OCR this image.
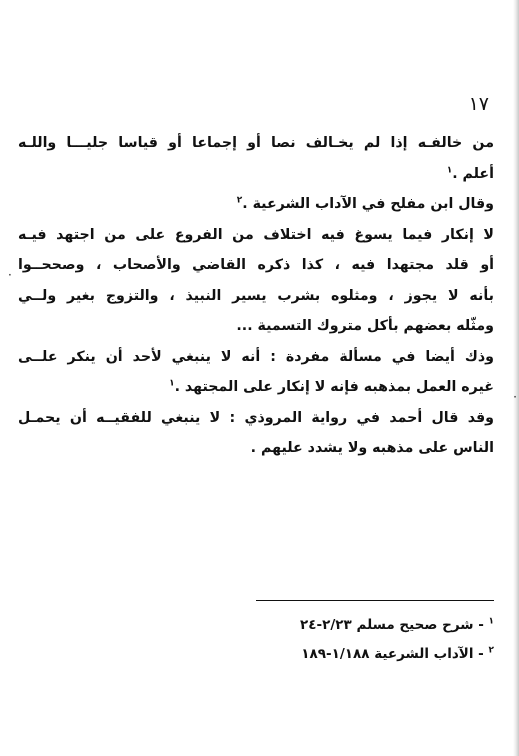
·
·
١٧
من خالفـه إذا لم يخـالف نصا أو إجماعا أو قياسا جليـــا واللـه
أعلم .$^١$
وقال ابن مفلح في الآداب الشرعية .$^٢$
لا إنكار فيما يسوغ فيه اختلاف من الفروع على من اجتهد فيـه
أو قلد مجتهدا فيه ، كذا ذكره القاضي والأصحاب ، وصححــوا
بأنه لا يجوز ، ومثلوه بشرب يسير النبيذ ، والتزوج بغير ولــي
ومثّله بعضهم بأكل متروك التسمية ...
وذك أيضا في مسألة مفردة : أنه لا ينبغي لأحد أن ينكر علــى
غيره العمل بمذهبه فإنه لا إنكار على المجتهد .$^١$
وقد قال أحمد في رواية المروذي : لا ينبغي للفقيــه أن يحمـل
الناس على مذهبه ولا يشدد عليهم .
$^١$ - شرح صحيح مسلم ٢/٢٣-٢٤
$^٢$ - الآداب الشرعية ١/١٨٨-١٨٩
